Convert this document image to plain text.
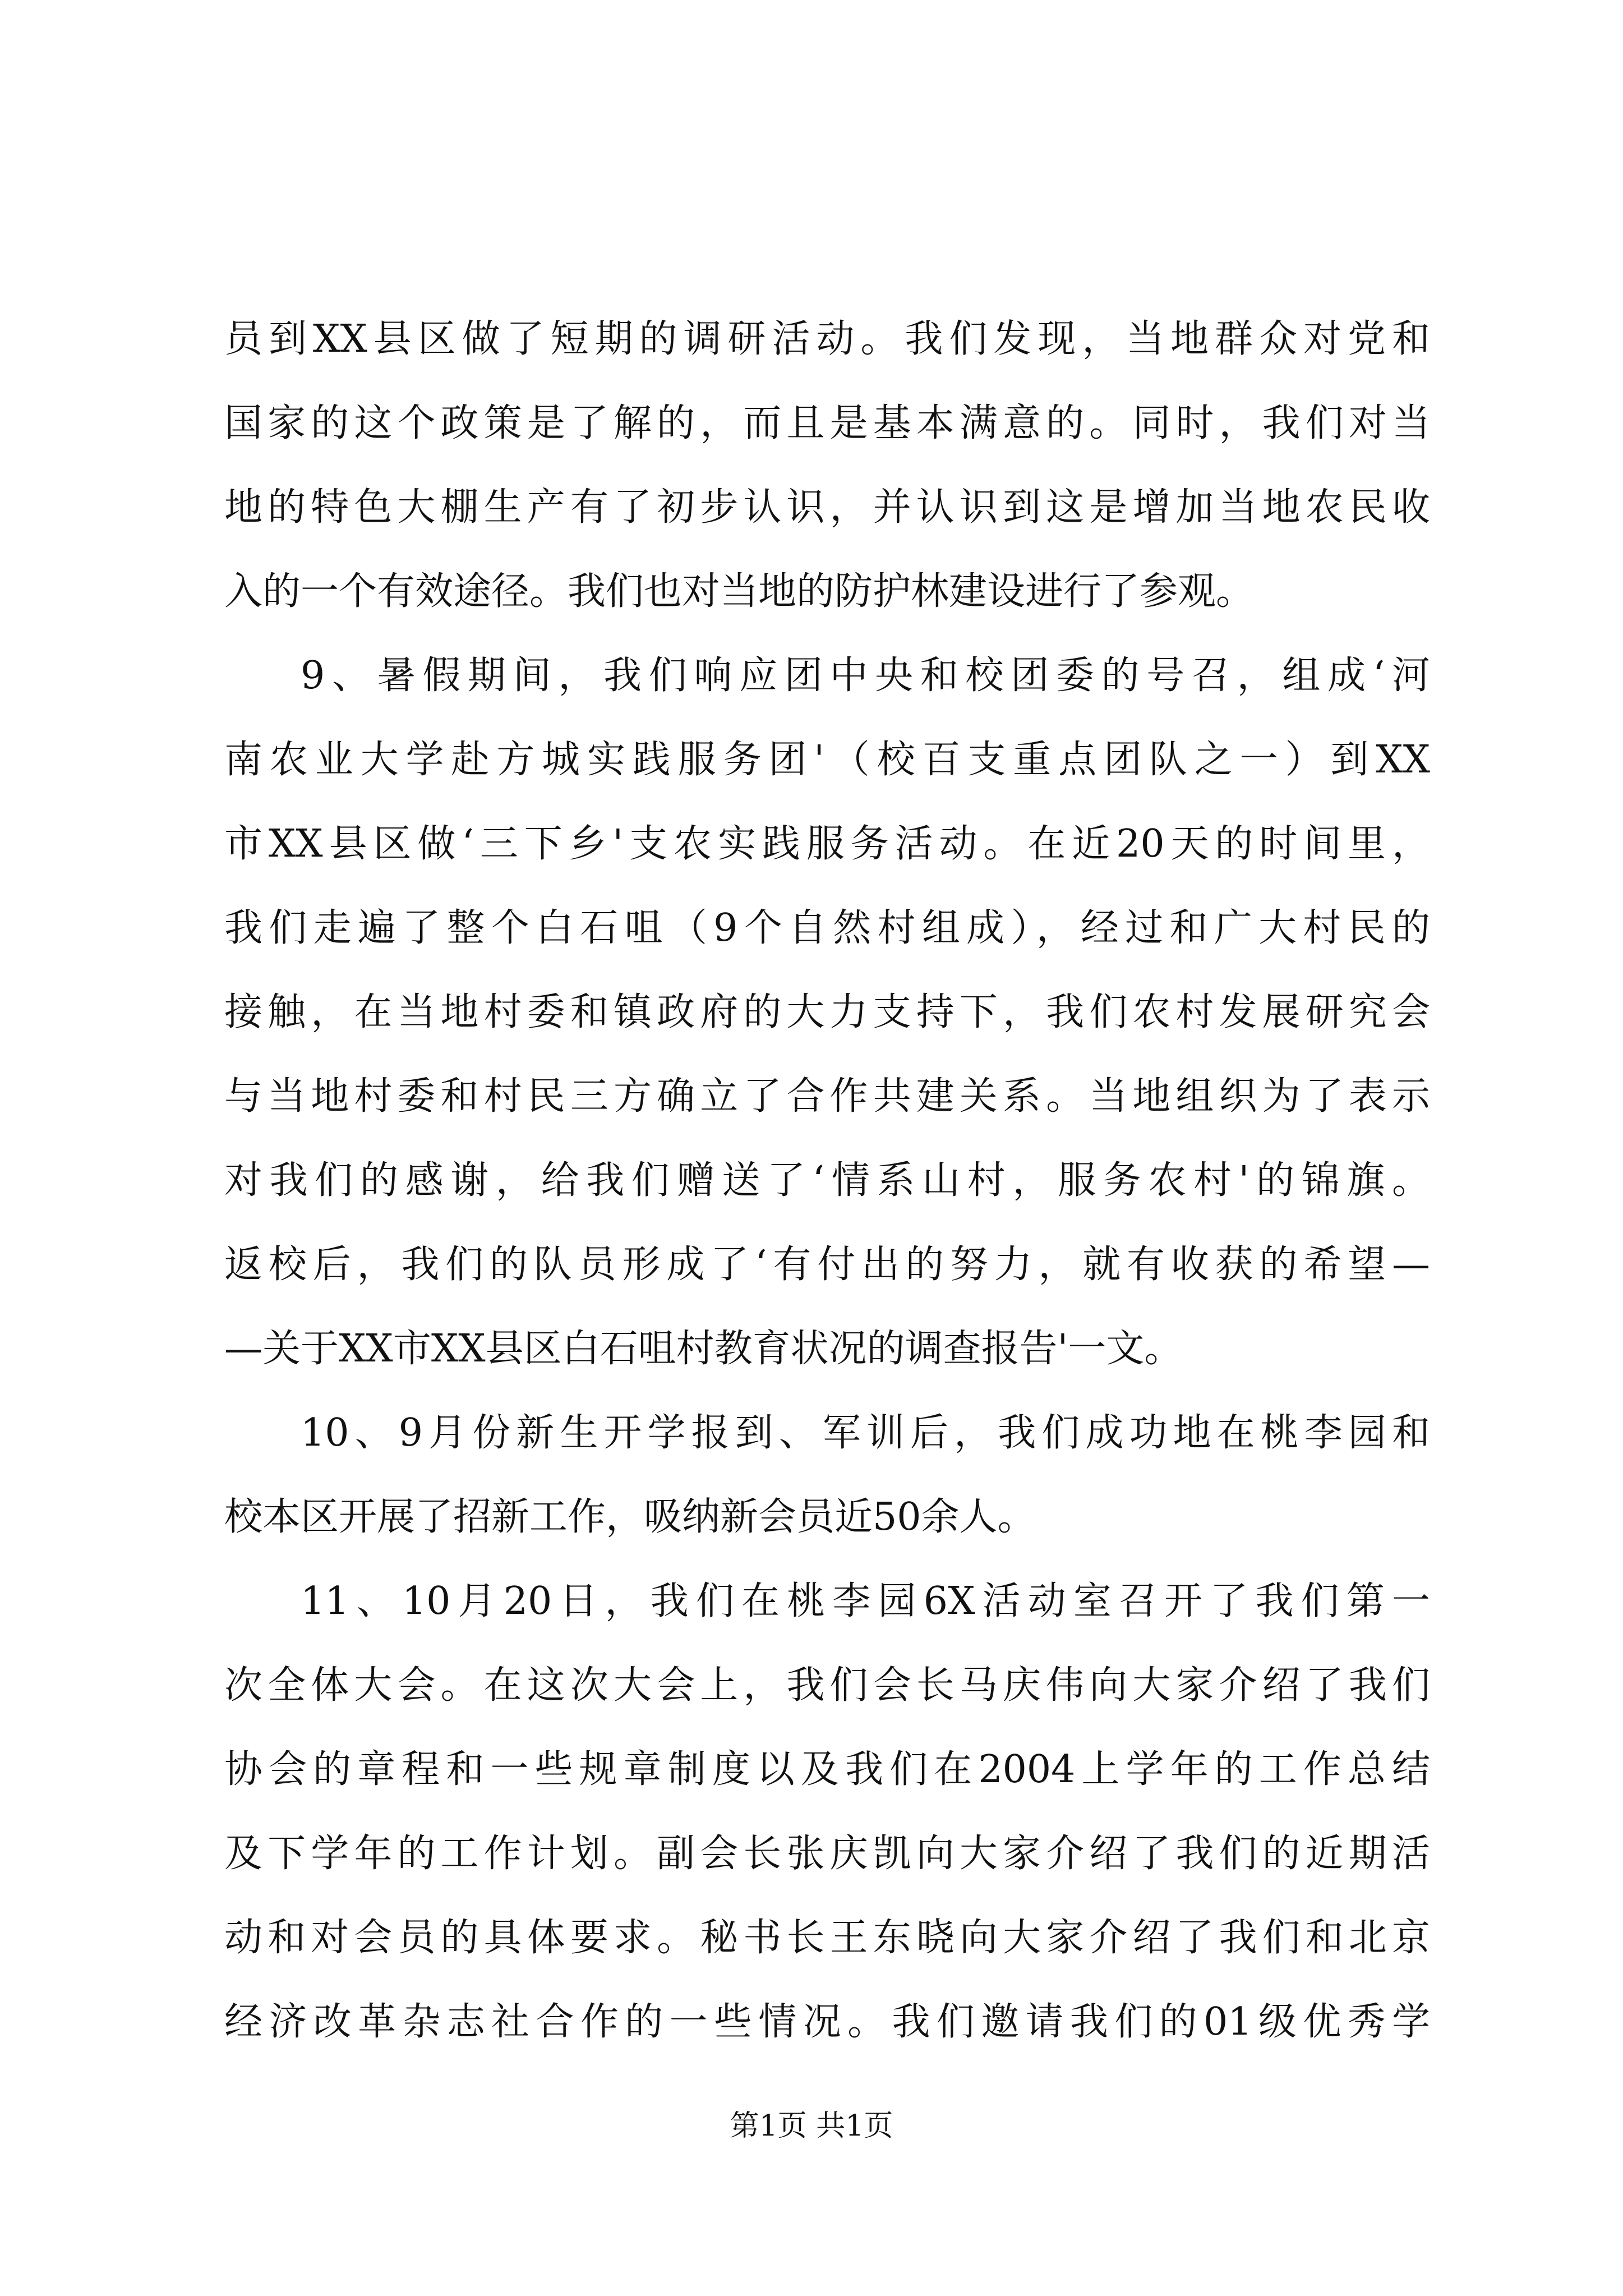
员到XX县区做了短期的调研活动。我们发现，当地群众对党和
国家的这个政策是了解的，而且是基本满意的。同时，我们对当
地的特色大棚生产有了初步认识，并认识到这是增加当地农民收
入的一个有效途径。我们也对当地的防护林建设进行了参观。
9、暑假期间，我们响应团中央和校团委的号召，组成‘河
南农业大学赴方城实践服务团'（校百支重点团队之一）到XX
市XX县区做‘三下乡'支农实践服务活动。在近20天的时间里，
我们走遍了整个白石咀（9个自然村组成），经过和广大村民的
接触，在当地村委和镇政府的大力支持下，我们农村发展研究会
与当地村委和村民三方确立了合作共建关系。当地组织为了表示
对我们的感谢，给我们赠送了‘情系山村，服务农村'的锦旗。
返校后，我们的队员形成了‘有付出的努力，就有收获的希望—
—关于XX市XX县区白石咀村教育状况的调查报告'一文。
10、9月份新生开学报到、军训后，我们成功地在桃李园和
校本区开展了招新工作，吸纳新会员近50余人。
11、10月20日，我们在桃李园6X活动室召开了我们第一
次全体大会。在这次大会上，我们会长马庆伟向大家介绍了我们
协会的章程和一些规章制度以及我们在2004上学年的工作总结
及下学年的工作计划。副会长张庆凯向大家介绍了我们的近期活
动和对会员的具体要求。秘书长王东晓向大家介绍了我们和北京
经济改革杂志社合作的一些情况。我们邀请我们的01级优秀学
第1页 共1页
